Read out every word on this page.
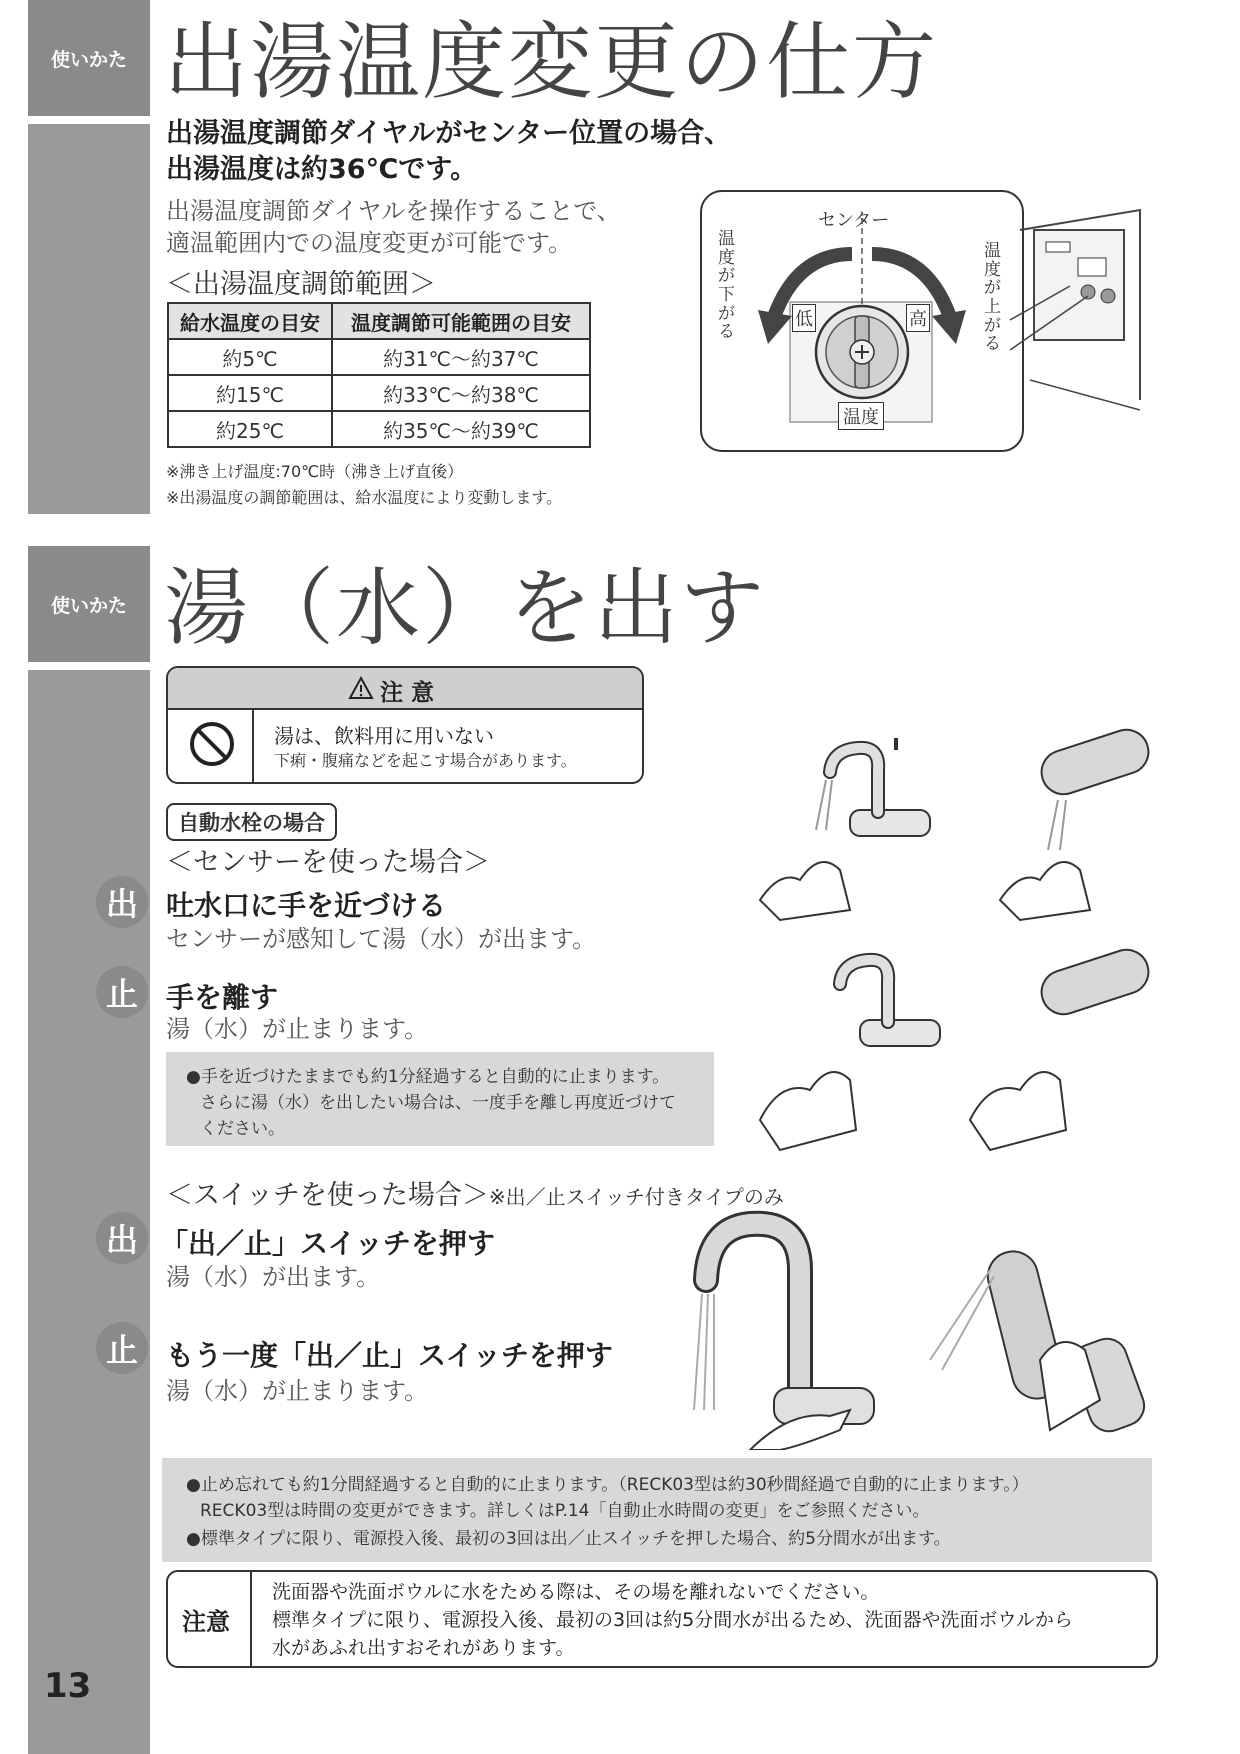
使いかた
使いかた
13
出湯温度変更の仕方
出湯温度調節ダイヤルがセンター位置の場合、
出湯温度は約36℃です。
出湯温度調節ダイヤルを操作することで、
適温範囲内での温度変更が可能です。
＜出湯温度調節範囲＞
給水温度の目安	温度調節可能範囲の目安
約5℃	約31℃～約37℃
約15℃	約33℃～約38℃
約25℃	約35℃～約39℃
※沸き上げ温度:70℃時（沸き上げ直後）
※出湯温度の調節範囲は、給水温度により変動します。
センター
温度が下がる
温度が上がる
低	高
温度
湯（水）を出す
注 意
湯は、飲料用に用いない
下痢・腹痛などを起こす場合があります。
自動水栓の場合
＜センサーを使った場合＞
出	吐水口に手を近づける
センサーが感知して湯（水）が出ます。
止	手を離す
湯（水）が止まります。
●手を近づけたままでも約1分経過すると自動的に止まります。
さらに湯（水）を出したい場合は、一度手を離し再度近づけて
ください。
＜スイッチを使った場合＞※出／止スイッチ付きタイプのみ
出 「出／止」スイッチを押す
湯（水）が出ます。
止	もう一度「出／止」スイッチを押す
湯（水）が止まります。
●止め忘れても約1分間経過すると自動的に止まります。（RECK03型は約30秒間経過で自動的に止まります。）
RECK03型は時間の変更ができます。詳しくはP.14「自動止水時間の変更」をご参照ください。
●標準タイプに限り、電源投入後、最初の3回は出／止スイッチを押した場合、約5分間水が出ます。
注意
洗面器や洗面ボウルに水をためる際は、その場を離れないでください。
標準タイプに限り、電源投入後、最初の3回は約5分間水が出るため、洗面器や洗面ボウルから
水があふれ出すおそれがあります。
